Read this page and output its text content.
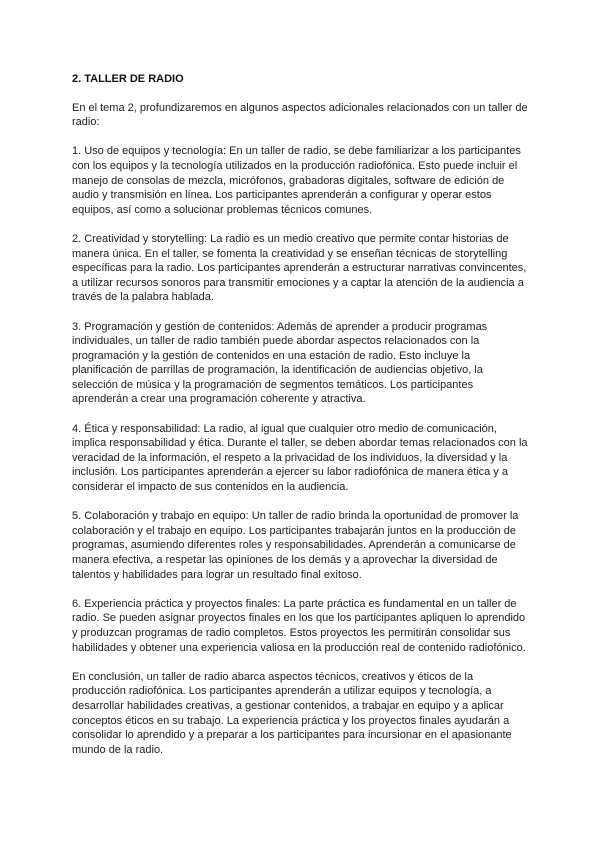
2. TALLER DE RADIO

En el tema 2, profundizaremos en algunos aspectos adicionales relacionados con un taller de radio:

1. Uso de equipos y tecnología: En un taller de radio, se debe familiarizar a los participantes con los equipos y la tecnología utilizados en la producción radiofónica. Esto puede incluir el manejo de consolas de mezcla, micrófonos, grabadoras digitales, software de edición de audio y transmisión en línea. Los participantes aprenderán a configurar y operar estos equipos, así como a solucionar problemas técnicos comunes.

2. Creatividad y storytelling: La radio es un medio creativo que permite contar historias de manera única. En el taller, se fomenta la creatividad y se enseñan técnicas de storytelling específicas para la radio. Los participantes aprenderán a estructurar narrativas convincentes, a utilizar recursos sonoros para transmitir emociones y a captar la atención de la audiencia a través de la palabra hablada.

3. Programación y gestión de contenidos: Además de aprender a producir programas individuales, un taller de radio también puede abordar aspectos relacionados con la programación y la gestión de contenidos en una estación de radio. Esto incluye la planificación de parrillas de programación, la identificación de audiencias objetivo, la selección de música y la programación de segmentos temáticos. Los participantes aprenderán a crear una programación coherente y atractiva.

4. Ética y responsabilidad: La radio, al igual que cualquier otro medio de comunicación, implica responsabilidad y ética. Durante el taller, se deben abordar temas relacionados con la veracidad de la información, el respeto a la privacidad de los individuos, la diversidad y la inclusión. Los participantes aprenderán a ejercer su labor radiofónica de manera ética y a considerar el impacto de sus contenidos en la audiencia.

5. Colaboración y trabajo en equipo: Un taller de radio brinda la oportunidad de promover la colaboración y el trabajo en equipo. Los participantes trabajarán juntos en la producción de programas, asumiendo diferentes roles y responsabilidades. Aprenderán a comunicarse de manera efectiva, a respetar las opiniones de los demás y a aprovechar la diversidad de talentos y habilidades para lograr un resultado final exitoso.

6. Experiencia práctica y proyectos finales: La parte práctica es fundamental en un taller de radio. Se pueden asignar proyectos finales en los que los participantes apliquen lo aprendido y produzcan programas de radio completos. Estos proyectos les permitirán consolidar sus habilidades y obtener una experiencia valiosa en la producción real de contenido radiofónico.

En conclusión, un taller de radio abarca aspectos técnicos, creativos y éticos de la producción radiofónica. Los participantes aprenderán a utilizar equipos y tecnología, a desarrollar habilidades creativas, a gestionar contenidos, a trabajar en equipo y a aplicar conceptos éticos en su trabajo. La experiencia práctica y los proyectos finales ayudarán a consolidar lo aprendido y a preparar a los participantes para incursionar en el apasionante mundo de la radio.
